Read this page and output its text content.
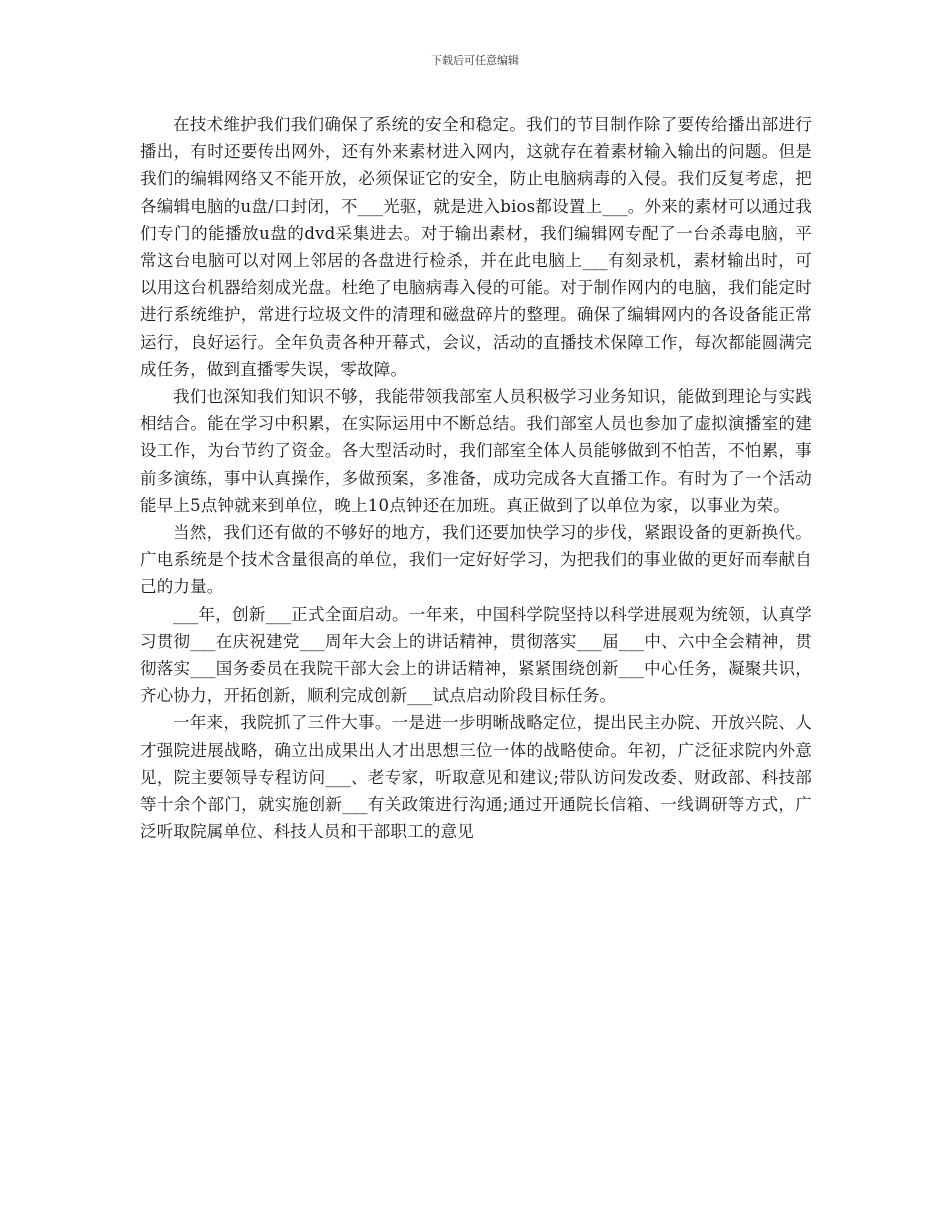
下载后可任意编辑

在技术维护我们我们确保了系统的安全和稳定。我们的节目制作除了要传给播出部进行播出，有时还要传出网外，还有外来素材进入网内，这就存在着素材输入输出的问题。但是我们的编辑网络又不能开放，必须保证它的安全，防止电脑病毒的入侵。我们反复考虑，把各编辑电脑的u盘/口封闭，不___光驱，就是进入bios都设置上___。外来的素材可以通过我们专门的能播放u盘的dvd采集进去。对于输出素材，我们编辑网专配了一台杀毒电脑，平常这台电脑可以对网上邻居的各盘进行检杀，并在此电脑上___有刻录机，素材输出时，可以用这台机器给刻成光盘。杜绝了电脑病毒入侵的可能。对于制作网内的电脑，我们能定时进行系统维护，常进行垃圾文件的清理和磁盘碎片的整理。确保了编辑网内的各设备能正常运行，良好运行。全年负责各种开幕式，会议，活动的直播技术保障工作，每次都能圆满完成任务，做到直播零失误，零故障。

我们也深知我们知识不够，我能带领我部室人员积极学习业务知识，能做到理论与实践相结合。能在学习中积累，在实际运用中不断总结。我们部室人员也参加了虚拟演播室的建设工作，为台节约了资金。各大型活动时，我们部室全体人员能够做到不怕苦，不怕累，事前多演练，事中认真操作，多做预案，多准备，成功完成各大直播工作。有时为了一个活动能早上5点钟就来到单位，晚上10点钟还在加班。真正做到了以单位为家，以事业为荣。

当然，我们还有做的不够好的地方，我们还要加快学习的步伐，紧跟设备的更新换代。广电系统是个技术含量很高的单位，我们一定好好学习，为把我们的事业做的更好而奉献自己的力量。

___年，创新___正式全面启动。一年来，中国科学院坚持以科学进展观为统领，认真学习贯彻___在庆祝建党___周年大会上的讲话精神，贯彻落实___届___中、六中全会精神，贯彻落实___国务委员在我院干部大会上的讲话精神，紧紧围绕创新___中心任务，凝聚共识，齐心协力，开拓创新，顺利完成创新___试点启动阶段目标任务。

一年来，我院抓了三件大事。一是进一步明晰战略定位，提出民主办院、开放兴院、人才强院进展战略，确立出成果出人才出思想三位一体的战略使命。年初，广泛征求院内外意见，院主要领导专程访问___、老专家，听取意见和建议;带队访问发改委、财政部、科技部等十余个部门，就实施创新___有关政策进行沟通;通过开通院长信箱、一线调研等方式，广泛听取院属单位、科技人员和干部职工的意见
